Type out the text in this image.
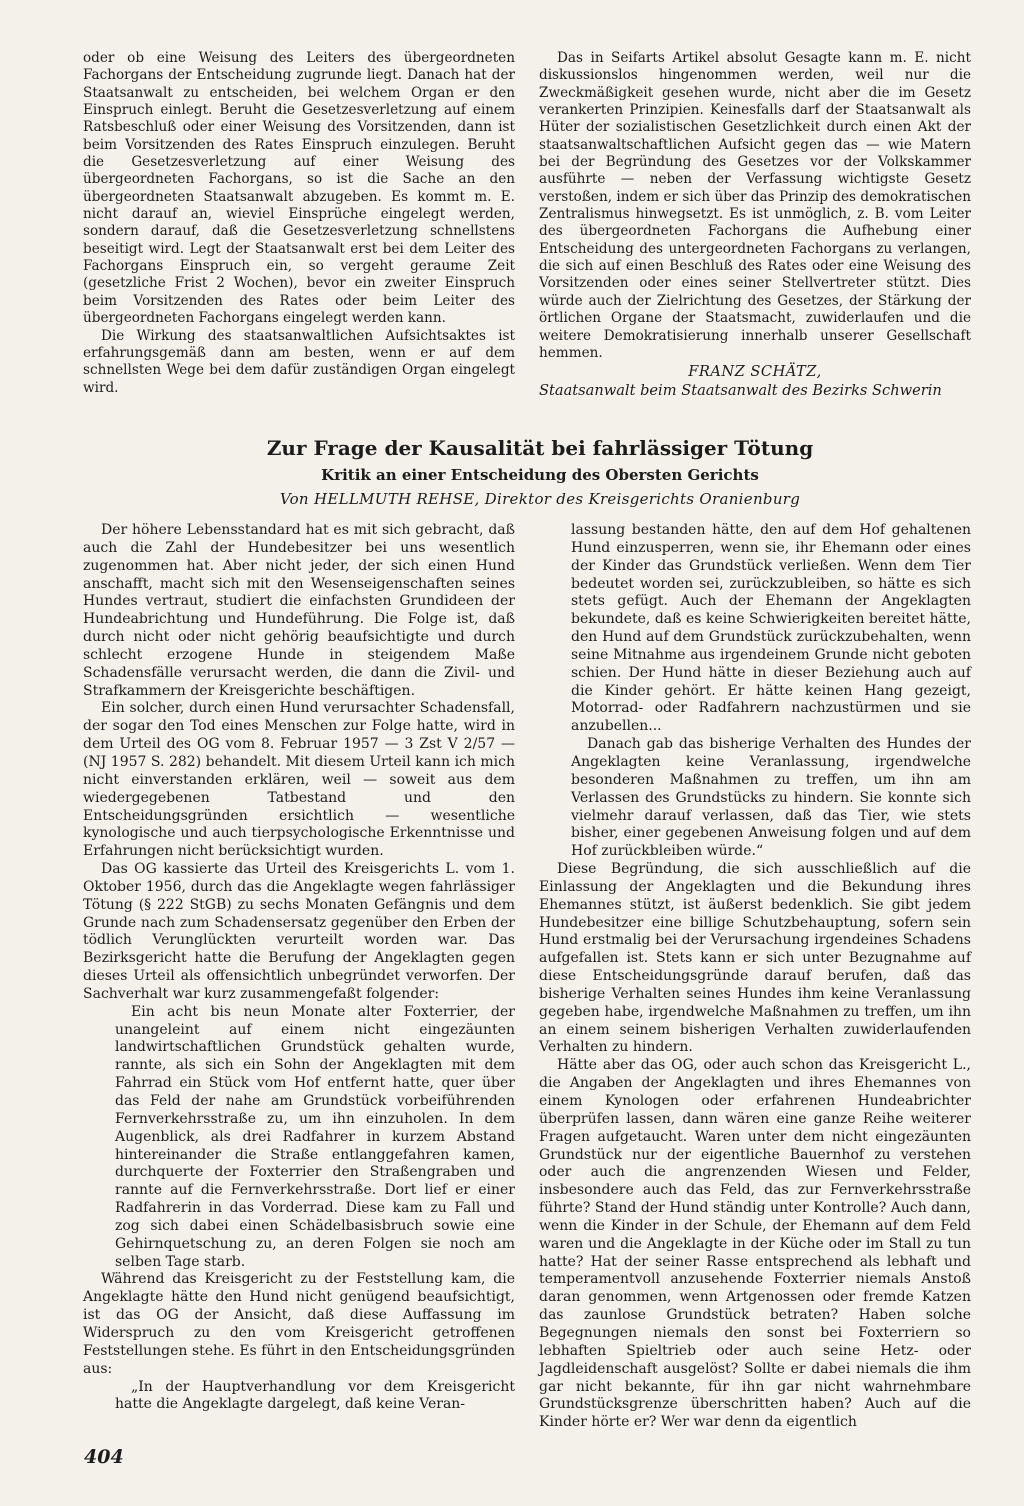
oder ob eine Weisung des Leiters des übergeordneten Fachorgans der Entscheidung zugrunde liegt. Danach hat der Staatsanwalt zu entscheiden, bei welchem Organ er den Einspruch einlegt. Beruht die Gesetzesverletzung auf einem Ratsbeschluß oder einer Weisung des Vorsitzenden, dann ist beim Vorsitzenden des Rates Einspruch einzulegen. Beruht die Gesetzesverletzung auf einer Weisung des übergeordneten Fachorgans, so ist die Sache an den übergeordneten Staatsanwalt abzugeben. Es kommt m. E. nicht darauf an, wieviel Einsprüche eingelegt werden, sondern darauf, daß die Gesetzesverletzung schnellstens beseitigt wird. Legt der Staatsanwalt erst bei dem Leiter des Fachorgans Einspruch ein, so vergeht geraume Zeit (gesetzliche Frist 2 Wochen), bevor ein zweiter Einspruch beim Vorsitzenden des Rates oder beim Leiter des übergeordneten Fachorgans eingelegt werden kann.

Die Wirkung des staatsanwaltlichen Aufsichtsaktes ist erfahrungsgemäß dann am besten, wenn er auf dem schnellsten Wege bei dem dafür zuständigen Organ eingelegt wird.

Das in Seifarts Artikel absolut Gesagte kann m. E. nicht diskussionslos hingenommen werden, weil nur die Zweckmäßigkeit gesehen wurde, nicht aber die im Gesetz verankerten Prinzipien. Keinesfalls darf der Staatsanwalt als Hüter der sozialistischen Gesetzlichkeit durch einen Akt der staatsanwaltschaftlichen Aufsicht gegen das — wie Matern bei der Begründung des Gesetzes vor der Volkskammer ausführte — neben der Verfassung wichtigste Gesetz verstoßen, indem er sich über das Prinzip des demokratischen Zentralismus hinwegsetzt. Es ist unmöglich, z. B. vom Leiter des übergeordneten Fachorgans die Aufhebung einer Entscheidung des untergeordneten Fachorgans zu verlangen, die sich auf einen Beschluß des Rates oder eine Weisung des Vorsitzenden oder eines seiner Stellvertreter stützt. Dies würde auch der Zielrichtung des Gesetzes, der Stärkung der örtlichen Organe der Staatsmacht, zuwiderlaufen und die weitere Demokratisierung innerhalb unserer Gesellschaft hemmen.

FRANZ SCHÄTZ,
Staatsanwalt beim Staatsanwalt des Bezirks Schwerin
Zur Frage der Kausalität bei fahrlässiger Tötung
Kritik an einer Entscheidung des Obersten Gerichts
Von HELLMUTH REHSE, Direktor des Kreisgerichts Oranienburg

Der höhere Lebensstandard hat es mit sich gebracht, daß auch die Zahl der Hundebesitzer bei uns wesentlich zugenommen hat. Aber nicht jeder, der sich einen Hund anschafft, macht sich mit den Wesenseigenschaften seines Hundes vertraut, studiert die einfachsten Grundideen der Hundeabrichtung und Hundeführung. Die Folge ist, daß durch nicht oder nicht gehörig beaufsichtigte und durch schlecht erzogene Hunde in steigendem Maße Schadensfälle verursacht werden, die dann die Zivil- und Strafkammern der Kreisgerichte beschäftigen.

Ein solcher, durch einen Hund verursachter Schadensfall, der sogar den Tod eines Menschen zur Folge hatte, wird in dem Urteil des OG vom 8. Februar 1957 — 3 Zst V 2/57 — (NJ 1957 S. 282) behandelt. Mit diesem Urteil kann ich mich nicht einverstanden erklären, weil — soweit aus dem wiedergegebenen Tatbestand und den Entscheidungsgründen ersichtlich — wesentliche kynologische und auch tierpsychologische Erkenntnisse und Erfahrungen nicht berücksichtigt wurden.

Das OG kassierte das Urteil des Kreisgerichts L. vom 1. Oktober 1956, durch das die Angeklagte wegen fahrlässiger Tötung (§ 222 StGB) zu sechs Monaten Gefängnis und dem Grunde nach zum Schadensersatz gegenüber den Erben der tödlich Verunglückten verurteilt worden war. Das Bezirksgericht hatte die Berufung der Angeklagten gegen dieses Urteil als offensichtlich unbegründet verworfen. Der Sachverhalt war kurz zusammengefaßt folgender:

Ein acht bis neun Monate alter Foxterrier, der unangeleint auf einem nicht eingezäunten landwirtschaftlichen Grundstück gehalten wurde, rannte, als sich ein Sohn der Angeklagten mit dem Fahrrad ein Stück vom Hof entfernt hatte, quer über das Feld der nahe am Grundstück vorbeiführenden Fernverkehrsstraße zu, um ihn einzuholen. In dem Augenblick, als drei Radfahrer in kurzem Abstand hintereinander die Straße entlanggefahren kamen, durchquerte der Foxterrier den Straßengraben und rannte auf die Fernverkehrsstraße. Dort lief er einer Radfahrerin in das Vorderrad. Diese kam zu Fall und zog sich dabei einen Schädelbasisbruch sowie eine Gehirnquetschung zu, an deren Folgen sie noch am selben Tage starb.

Während das Kreisgericht zu der Feststellung kam, die Angeklagte hätte den Hund nicht genügend beaufsichtigt, ist das OG der Ansicht, daß diese Auffassung im Widerspruch zu den vom Kreisgericht getroffenen Feststellungen stehe. Es führt in den Entscheidungsgründen aus:

„In der Hauptverhandlung vor dem Kreisgericht hatte die Angeklagte dargelegt, daß keine Veran-

lassung bestanden hätte, den auf dem Hof gehaltenen Hund einzusperren, wenn sie, ihr Ehemann oder eines der Kinder das Grundstück verließen. Wenn dem Tier bedeutet worden sei, zurückzubleiben, so hätte es sich stets gefügt. Auch der Ehemann der Angeklagten bekundete, daß es keine Schwierigkeiten bereitet hätte, den Hund auf dem Grundstück zurückzubehalten, wenn seine Mitnahme aus irgendeinem Grunde nicht geboten schien. Der Hund hätte in dieser Beziehung auch auf die Kinder gehört. Er hätte keinen Hang gezeigt, Motorrad- oder Radfahrern nachzustürmen und sie anzubellen...

Danach gab das bisherige Verhalten des Hundes der Angeklagten keine Veranlassung, irgendwelche besonderen Maßnahmen zu treffen, um ihn am Verlassen des Grundstücks zu hindern. Sie konnte sich vielmehr darauf verlassen, daß das Tier, wie stets bisher, einer gegebenen Anweisung folgen und auf dem Hof zurückbleiben würde.“

Diese Begründung, die sich ausschließlich auf die Einlassung der Angeklagten und die Bekundung ihres Ehemannes stützt, ist äußerst bedenklich. Sie gibt jedem Hundebesitzer eine billige Schutzbehauptung, sofern sein Hund erstmalig bei der Verursachung irgendeines Schadens aufgefallen ist. Stets kann er sich unter Bezugnahme auf diese Entscheidungsgründe darauf berufen, daß das bisherige Verhalten seines Hundes ihm keine Veranlassung gegeben habe, irgendwelche Maßnahmen zu treffen, um ihn an einem seinem bisherigen Verhalten zuwiderlaufenden Verhalten zu hindern.

Hätte aber das OG, oder auch schon das Kreisgericht L., die Angaben der Angeklagten und ihres Ehemannes von einem Kynologen oder erfahrenen Hundeabrichter überprüfen lassen, dann wären eine ganze Reihe weiterer Fragen aufgetaucht. Waren unter dem nicht eingezäunten Grundstück nur der eigentliche Bauernhof zu verstehen oder auch die angrenzenden Wiesen und Felder, insbesondere auch das Feld, das zur Fernverkehrsstraße führte? Stand der Hund ständig unter Kontrolle? Auch dann, wenn die Kinder in der Schule, der Ehemann auf dem Feld waren und die Angeklagte in der Küche oder im Stall zu tun hatte? Hat der seiner Rasse entsprechend als lebhaft und temperamentvoll anzusehende Foxterrier niemals Anstoß daran genommen, wenn Artgenossen oder fremde Katzen das zaunlose Grundstück betraten? Haben solche Begegnungen niemals den sonst bei Foxterriern so lebhaften Spieltrieb oder auch seine Hetz- oder Jagdleidenschaft ausgelöst? Sollte er dabei niemals die ihm gar nicht bekannte, für ihn gar nicht wahrnehmbare Grundstücksgrenze überschritten haben? Auch auf die Kinder hörte er? Wer war denn da eigentlich

404
